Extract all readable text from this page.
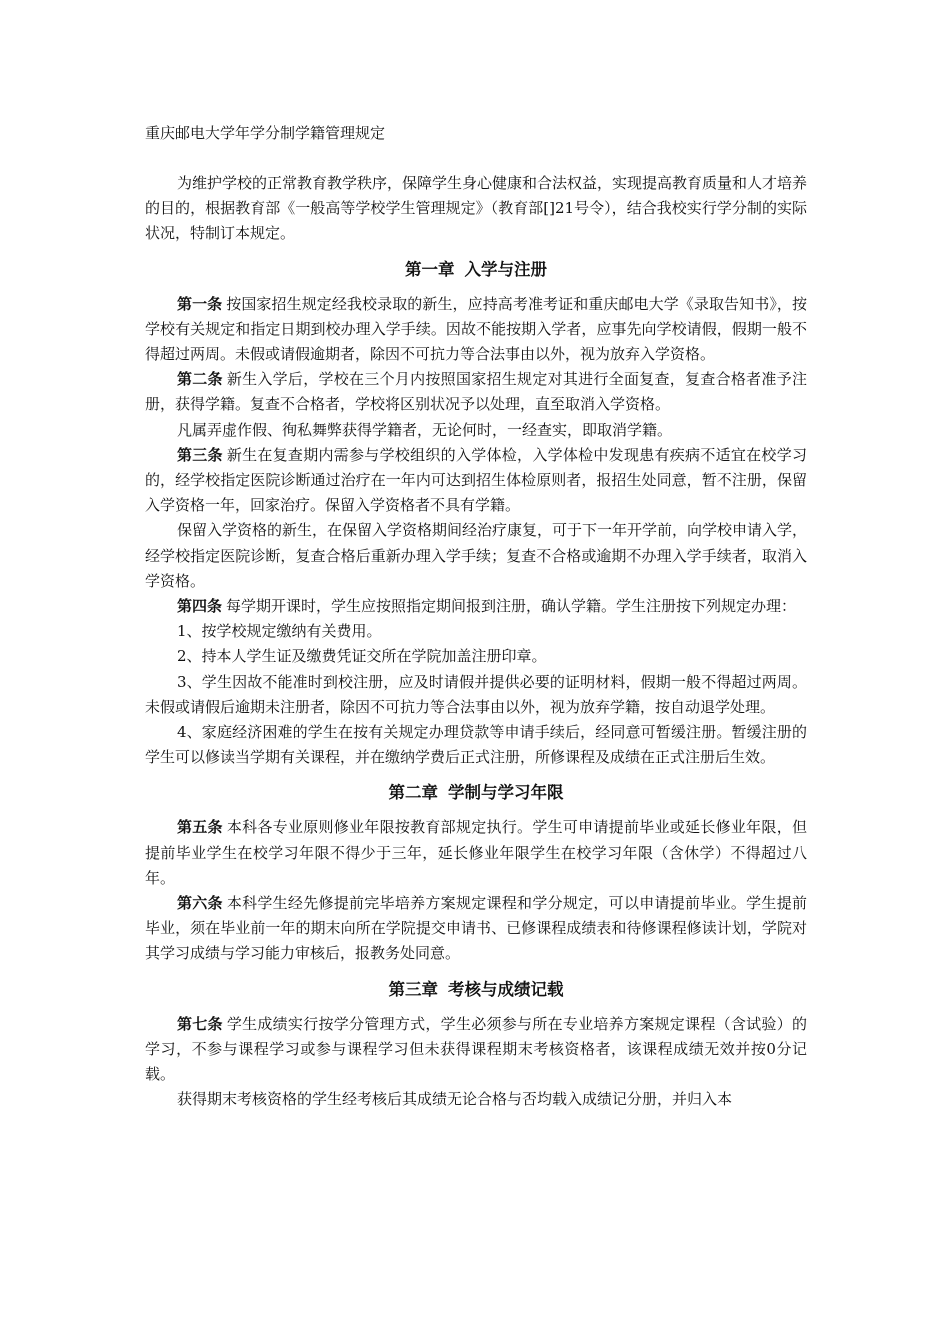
重庆邮电大学年学分制学籍管理规定

为维护学校的正常教育教学秩序，保障学生身心健康和合法权益，实现提高教育质量和人才培养的目的，根据教育部《一般高等学校学生管理规定》（教育部[]21号令），结合我校实行学分制的实际状况，特制订本规定。

第一章 入学与注册

第一条 按国家招生规定经我校录取的新生，应持高考准考证和重庆邮电大学《录取告知书》，按学校有关规定和指定日期到校办理入学手续。因故不能按期入学者，应事先向学校请假，假期一般不得超过两周。未假或请假逾期者，除因不可抗力等合法事由以外，视为放弃入学资格。

第二条 新生入学后，学校在三个月内按照国家招生规定对其进行全面复查，复查合格者准予注册，获得学籍。复查不合格者，学校将区别状况予以处理，直至取消入学资格。

凡属弄虚作假、徇私舞弊获得学籍者，无论何时，一经查实，即取消学籍。

第三条 新生在复查期内需参与学校组织的入学体检，入学体检中发现患有疾病不适宜在校学习的，经学校指定医院诊断通过治疗在一年内可达到招生体检原则者，报招生处同意，暂不注册，保留入学资格一年，回家治疗。保留入学资格者不具有学籍。

保留入学资格的新生，在保留入学资格期间经治疗康复，可于下一年开学前，向学校申请入学，经学校指定医院诊断，复查合格后重新办理入学手续；复查不合格或逾期不办理入学手续者，取消入学资格。

第四条 每学期开课时，学生应按照指定期间报到注册，确认学籍。学生注册按下列规定办理：

1、按学校规定缴纳有关费用。

2、持本人学生证及缴费凭证交所在学院加盖注册印章。

3、学生因故不能准时到校注册，应及时请假并提供必要的证明材料，假期一般不得超过两周。未假或请假后逾期未注册者，除因不可抗力等合法事由以外，视为放弃学籍，按自动退学处理。

4、家庭经济困难的学生在按有关规定办理贷款等申请手续后，经同意可暂缓注册。暂缓注册的学生可以修读当学期有关课程，并在缴纳学费后正式注册，所修课程及成绩在正式注册后生效。

第二章 学制与学习年限

第五条 本科各专业原则修业年限按教育部规定执行。学生可申请提前毕业或延长修业年限，但提前毕业学生在校学习年限不得少于三年，延长修业年限学生在校学习年限（含休学）不得超过八年。

第六条 本科学生经先修提前完毕培养方案规定课程和学分规定，可以申请提前毕业。学生提前毕业，须在毕业前一年的期末向所在学院提交申请书、已修课程成绩表和待修课程修读计划，学院对其学习成绩与学习能力审核后，报教务处同意。

第三章 考核与成绩记载

第七条 学生成绩实行按学分管理方式，学生必须参与所在专业培养方案规定课程（含试验）的学习，不参与课程学习或参与课程学习但未获得课程期末考核资格者，该课程成绩无效并按0分记载。

获得期末考核资格的学生经考核后其成绩无论合格与否均载入成绩记分册，并归入本
